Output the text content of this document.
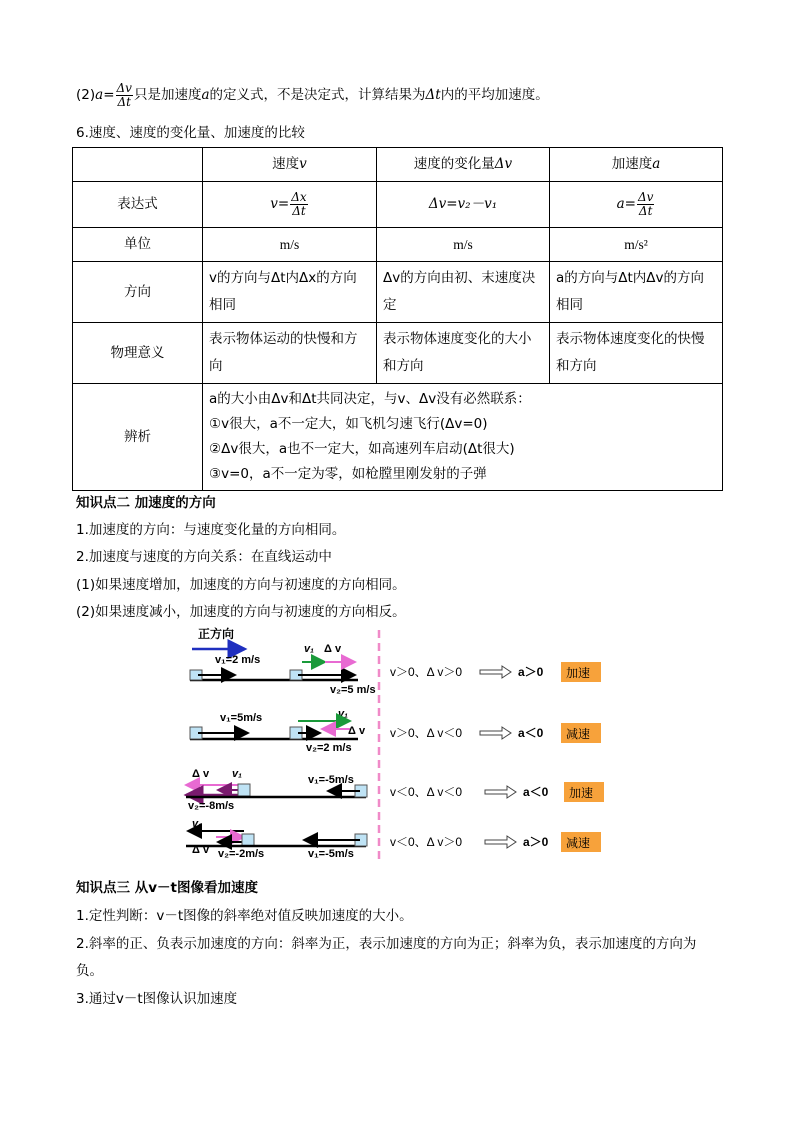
$(2)a= \frac{\Delta v}{\Delta t}$ 只是加速度a的定义式，不是决定式，计算结果为Δt内的平均加速度。
6.速度、速度的变化量、加速度的比较
	速度v	速度的变化量Δv	加速度a
表达式	$v= \frac{\Delta x}{\Delta t}$	Δv=v₂－v₁	$a= \frac{\Delta v}{\Delta t}$

单位	m/s	m/s	m/s²
方向	v的方向与Δt内Δx的方向相同	Δv的方向由初、末速度决定	a的方向与Δt内Δv的方向相同
物理意义	表示物体运动的快慢和方向	表示物体速度变化的大小和方向	表示物体速度变化的快慢和方向
辨析	a的大小由Δv和Δt共同决定，与v、Δv没有必然联系：
①v很大，a不一定大，如飞机匀速飞行(Δv=0)
②Δv很大，a也不一定大，如高速列车启动(Δt很大)
③v=0，a不一定为零，如枪膛里刚发射的子弹		
知识点二 加速度的方向
1.加速度的方向：与速度变化量的方向相同。
2.加速度与速度的方向关系：在直线运动中
(1)如果速度增加，加速度的方向与初速度的方向相同。
(2)如果速度减小，加速度的方向与初速度的方向相反。
正方向
v₁=2 m/s
v₁ Δ v
v₂=5 m/s
v₁=5m/s	v₁
Δ v
v₂=2 m/s
Δ v v₁
v₂=-8m/s
v₁=-5m/s
v₁
Δ v v₂=-2m/s	v₁=-5m/s
v＞0、Δ v＞0	a＞0 加速
v＞0、Δ v＜0	a＜0 减速
v＜0、Δ v＜0	a＜0 加速
v＜0、Δ v＞0	a＞0 减速
知识点三 从v－t图像看加速度
1.定性判断：v－t图像的斜率绝对值反映加速度的大小。
2.斜率的正、负表示加速度的方向：斜率为正，表示加速度的方向为正；斜率为负，表示加速度的方向为
负。
3.通过v－t图像认识加速度
